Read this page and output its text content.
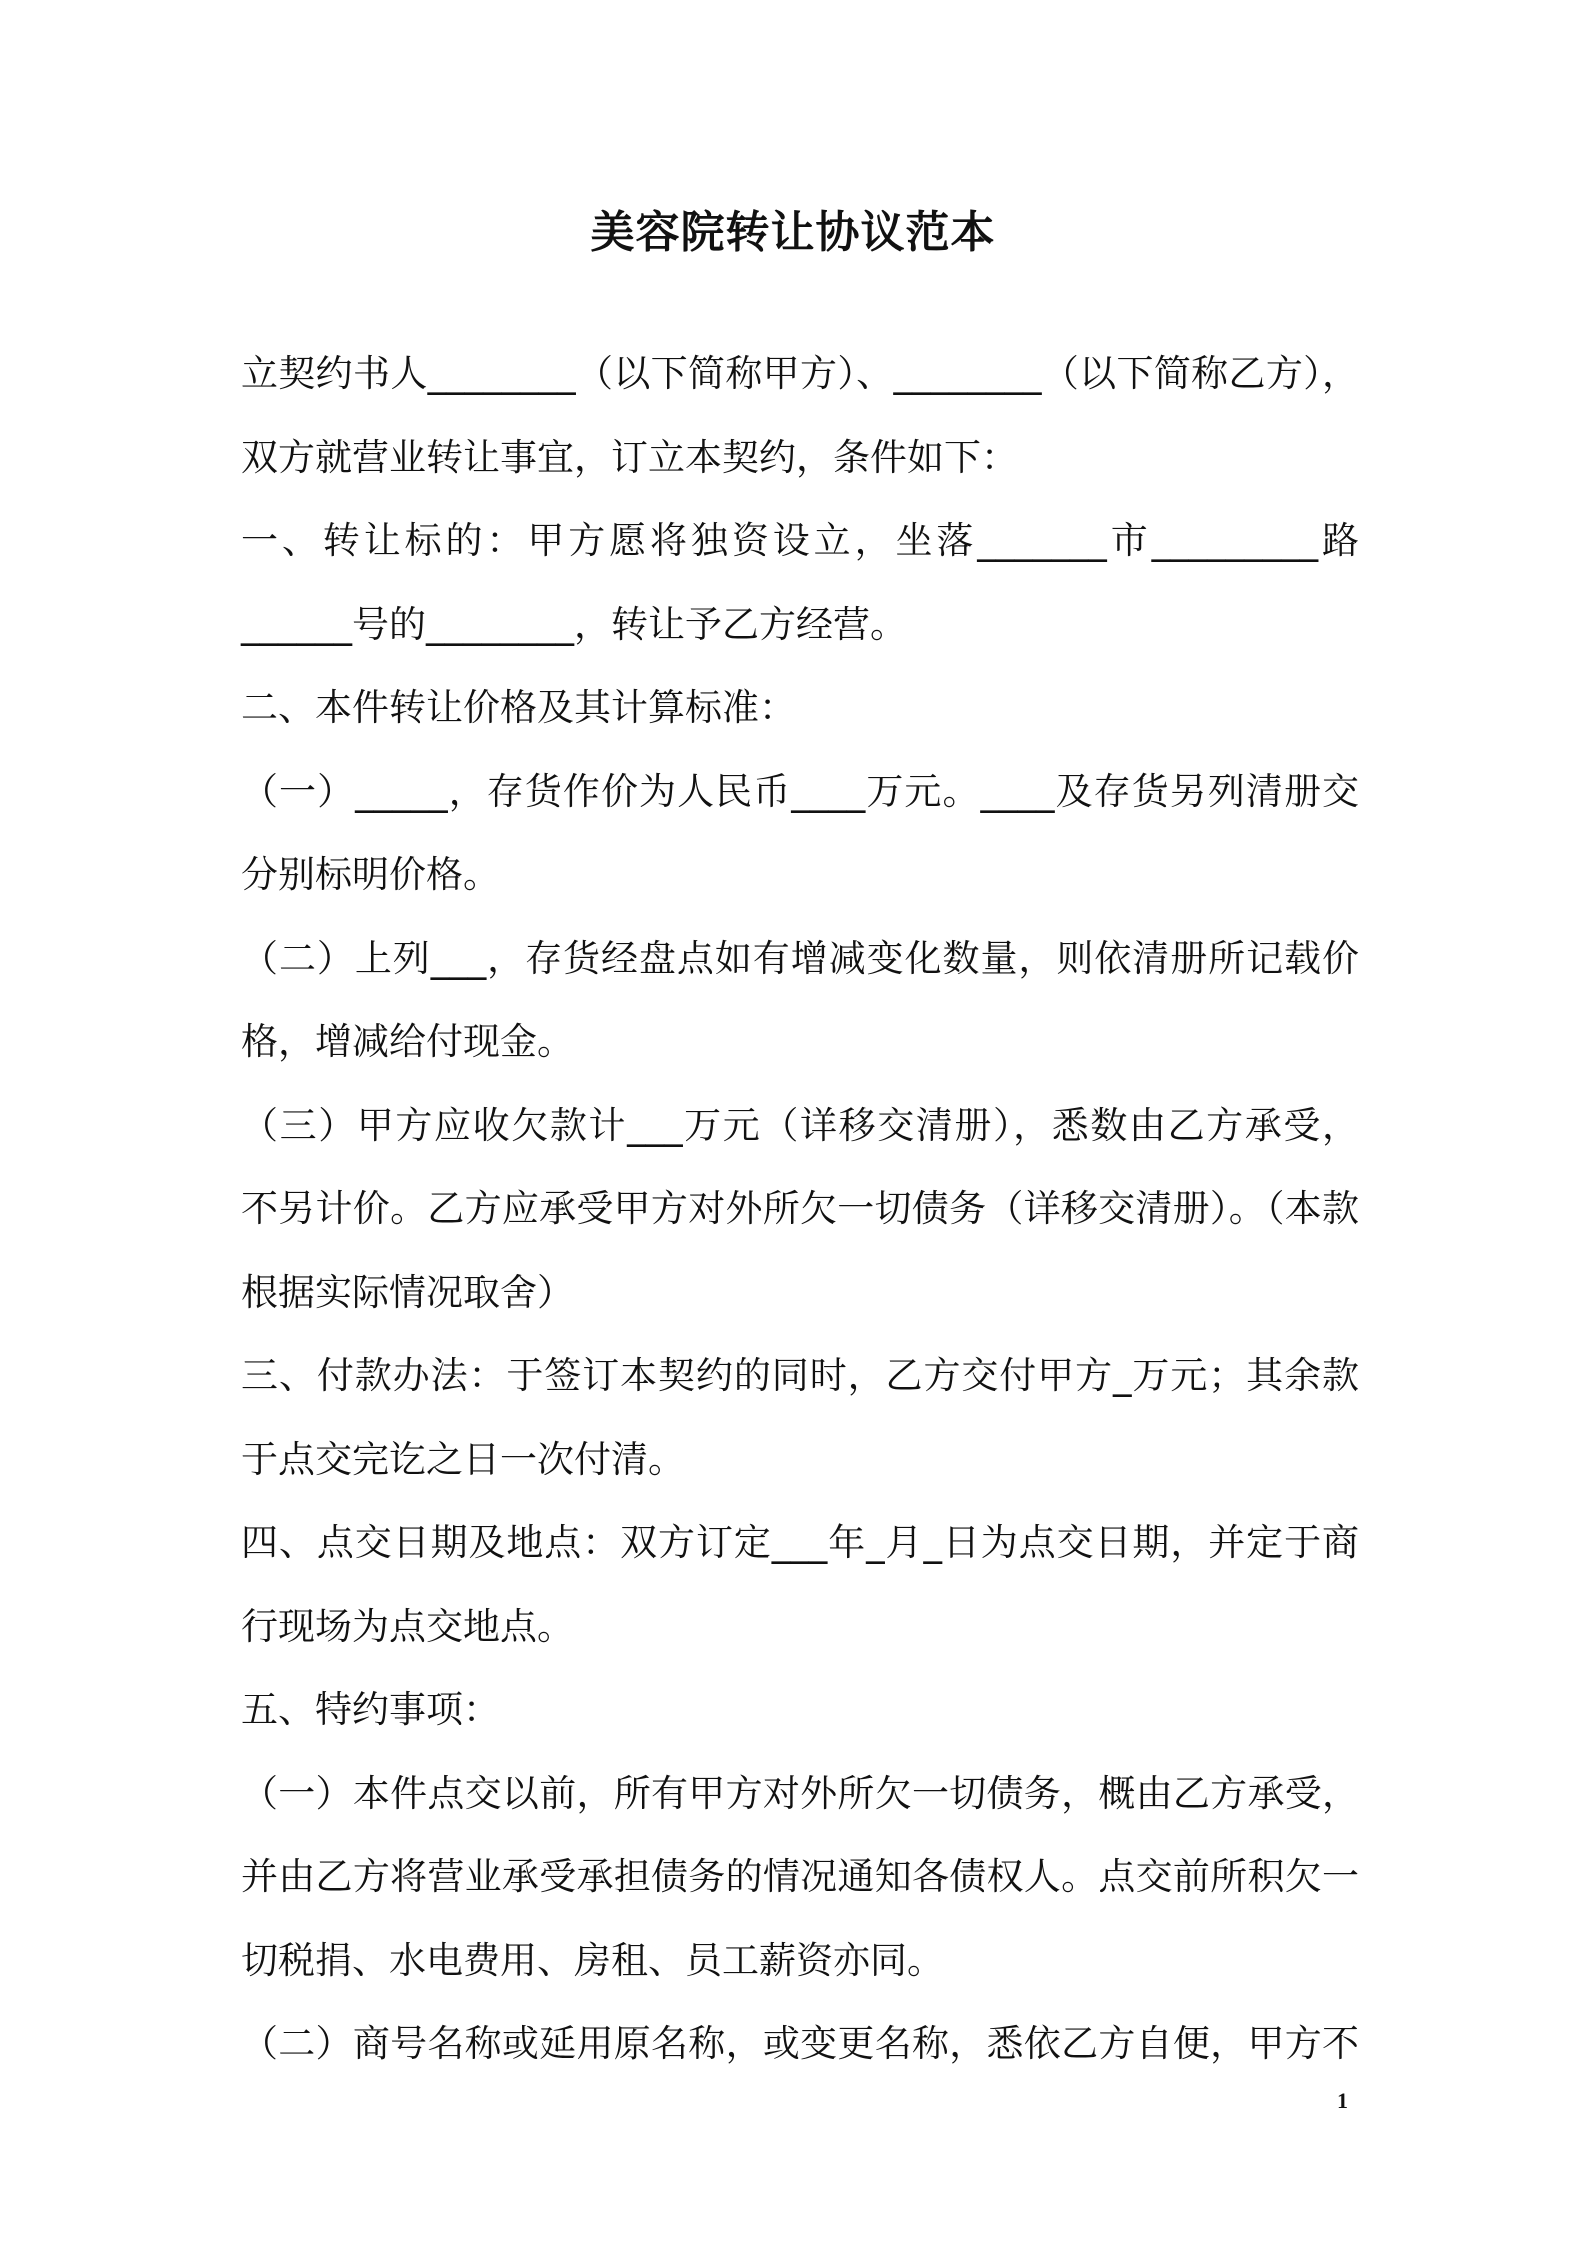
美容院转让协议范本
立契约书人________（以下简称甲方）、________（以下简称乙方），
双方就营业转让事宜，订立本契约，条件如下：
一、转让标的：甲方愿将独资设立，坐落_______市_________路
______号的________，转让予乙方经营。
二、本件转让价格及其计算标准：
（一）_____，存货作价为人民币____万元。____及存货另列清册交
分别标明价格。
（二）上列___，存货经盘点如有增减变化数量，则依清册所记载价
格，增减给付现金。
（三）甲方应收欠款计___万元（详移交清册），悉数由乙方承受，
不另计价。乙方应承受甲方对外所欠一切债务（详移交清册）。（本款
根据实际情况取舍）
三、付款办法：于签订本契约的同时，乙方交付甲方_万元；其余款
于点交完讫之日一次付清。
四、点交日期及地点：双方订定___年_月_日为点交日期，并定于商
行现场为点交地点。
五、特约事项：
（一）本件点交以前，所有甲方对外所欠一切债务，概由乙方承受，
并由乙方将营业承受承担债务的情况通知各债权人。点交前所积欠一
切税捐、水电费用、房租、员工薪资亦同。
（二）商号名称或延用原名称，或变更名称，悉依乙方自便，甲方不
1
